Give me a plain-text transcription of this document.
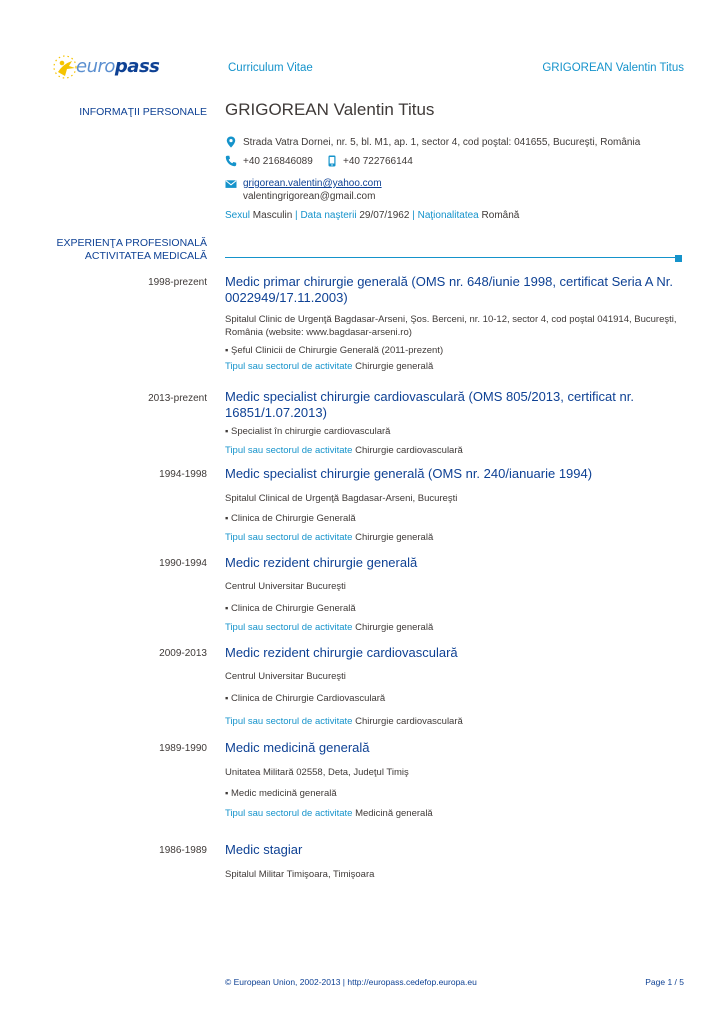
europass	Curriculum Vitae	GRIGOREAN Valentin Titus
INFORMAŢII PERSONALE GRIGOREAN Valentin Titus
Strada Vatra Dornei, nr. 5, bl. M1, ap. 1, sector 4, cod poştal: 041655, Bucureşti, România
+40 216846089	+40 722766144
grigorean.valentin@yahoo.com
valentingrigorean@gmail.com
Sexul Masculin | Data naşterii 29/07/1962 | Naţionalitatea Română
EXPERIENŢA PROFESIONALĂ
ACTIVITATEA MEDICALĂ
1998-prezent Medic primar chirurgie generală (OMS nr. 648/iunie 1998, certificat Seria A Nr. 0022949/17.11.2003)
Spitalul Clinic de Urgenţă Bagdasar-Arseni, Şos. Berceni, nr. 10-12, sector 4, cod poştal 041914, Bucureşti, România (website: www.bagdasar-arseni.ro)
▪ Şeful Clinicii de Chirurgie Generală (2011-prezent)
Tipul sau sectorul de activitate Chirurgie generală
2013-prezent Medic specialist chirurgie cardiovasculară (OMS 805/2013, certificat nr. 16851/1.07.2013)
▪ Specialist în chirurgie cardiovasculară
Tipul sau sectorul de activitate Chirurgie cardiovasculară
1994-1998 Medic specialist chirurgie generală (OMS nr. 240/ianuarie 1994)
Spitalul Clinical de Urgenţă Bagdasar-Arseni, Bucureşti
▪ Clinica de Chirurgie Generală
Tipul sau sectorul de activitate Chirurgie generală
1990-1994 Medic rezident chirurgie generală
Centrul Universitar Bucureşti
▪ Clinica de Chirurgie Generală
Tipul sau sectorul de activitate Chirurgie generală
2009-2013 Medic rezident chirurgie cardiovasculară
Centrul Universitar Bucureşti
▪ Clinica de Chirurgie Cardiovasculară
Tipul sau sectorul de activitate Chirurgie cardiovasculară
1989-1990 Medic medicină generală
Unitatea Militară 02558, Deta, Judeţul Timiş
▪ Medic medicină generală
Tipul sau sectorul de activitate Medicină generală
1986-1989 Medic stagiar
Spitalul Militar Timişoara, Timişoara
© European Union, 2002-2013 | http://europass.cedefop.europa.eu	Page 1 / 5
